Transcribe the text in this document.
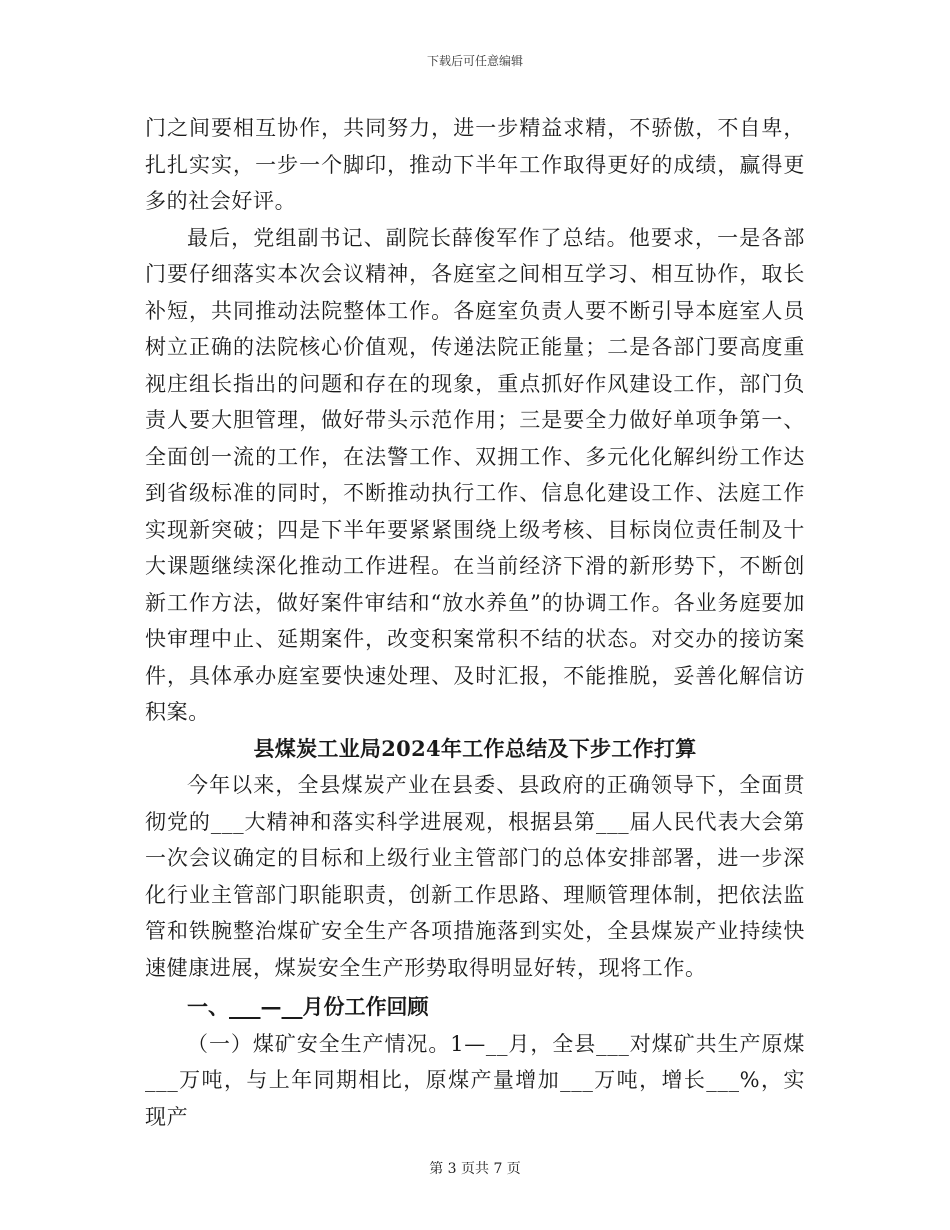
下载后可任意编辑

门之间要相互协作，共同努力，进一步精益求精，不骄傲，不自卑，扎扎实实，一步一个脚印，推动下半年工作取得更好的成绩，赢得更多的社会好评。

最后，党组副书记、副院长薛俊军作了总结。他要求，一是各部门要仔细落实本次会议精神，各庭室之间相互学习、相互协作，取长补短，共同推动法院整体工作。各庭室负责人要不断引导本庭室人员树立正确的法院核心价值观，传递法院正能量；二是各部门要高度重视庄组长指出的问题和存在的现象，重点抓好作风建设工作，部门负责人要大胆管理，做好带头示范作用；三是要全力做好单项争第一、全面创一流的工作，在法警工作、双拥工作、多元化化解纠纷工作达到省级标准的同时，不断推动执行工作、信息化建设工作、法庭工作实现新突破；四是下半年要紧紧围绕上级考核、目标岗位责任制及十大课题继续深化推动工作进程。在当前经济下滑的新形势下，不断创新工作方法，做好案件审结和“放水养鱼”的协调工作。各业务庭要加快审理中止、延期案件，改变积案常积不结的状态。对交办的接访案件，具体承办庭室要快速处理、及时汇报，不能推脱，妥善化解信访积案。

县煤炭工业局2024年工作总结及下步工作打算

今年以来，全县煤炭产业在县委、县政府的正确领导下，全面贯彻党的___大精神和落实科学进展观，根据县第___届人民代表大会第一次会议确定的目标和上级行业主管部门的总体安排部署，进一步深化行业主管部门职能职责，创新工作思路、理顺管理体制，把依法监管和铁腕整治煤矿安全生产各项措施落到实处，全县煤炭产业持续快速健康进展，煤炭安全生产形势取得明显好转，现将工作。

一、___—__月份工作回顾

（一）煤矿安全生产情况。1—__月，全县___对煤矿共生产原煤___万吨，与上年同期相比，原煤产量增加___万吨，增长___%，实现产

第 3 页共 7 页
